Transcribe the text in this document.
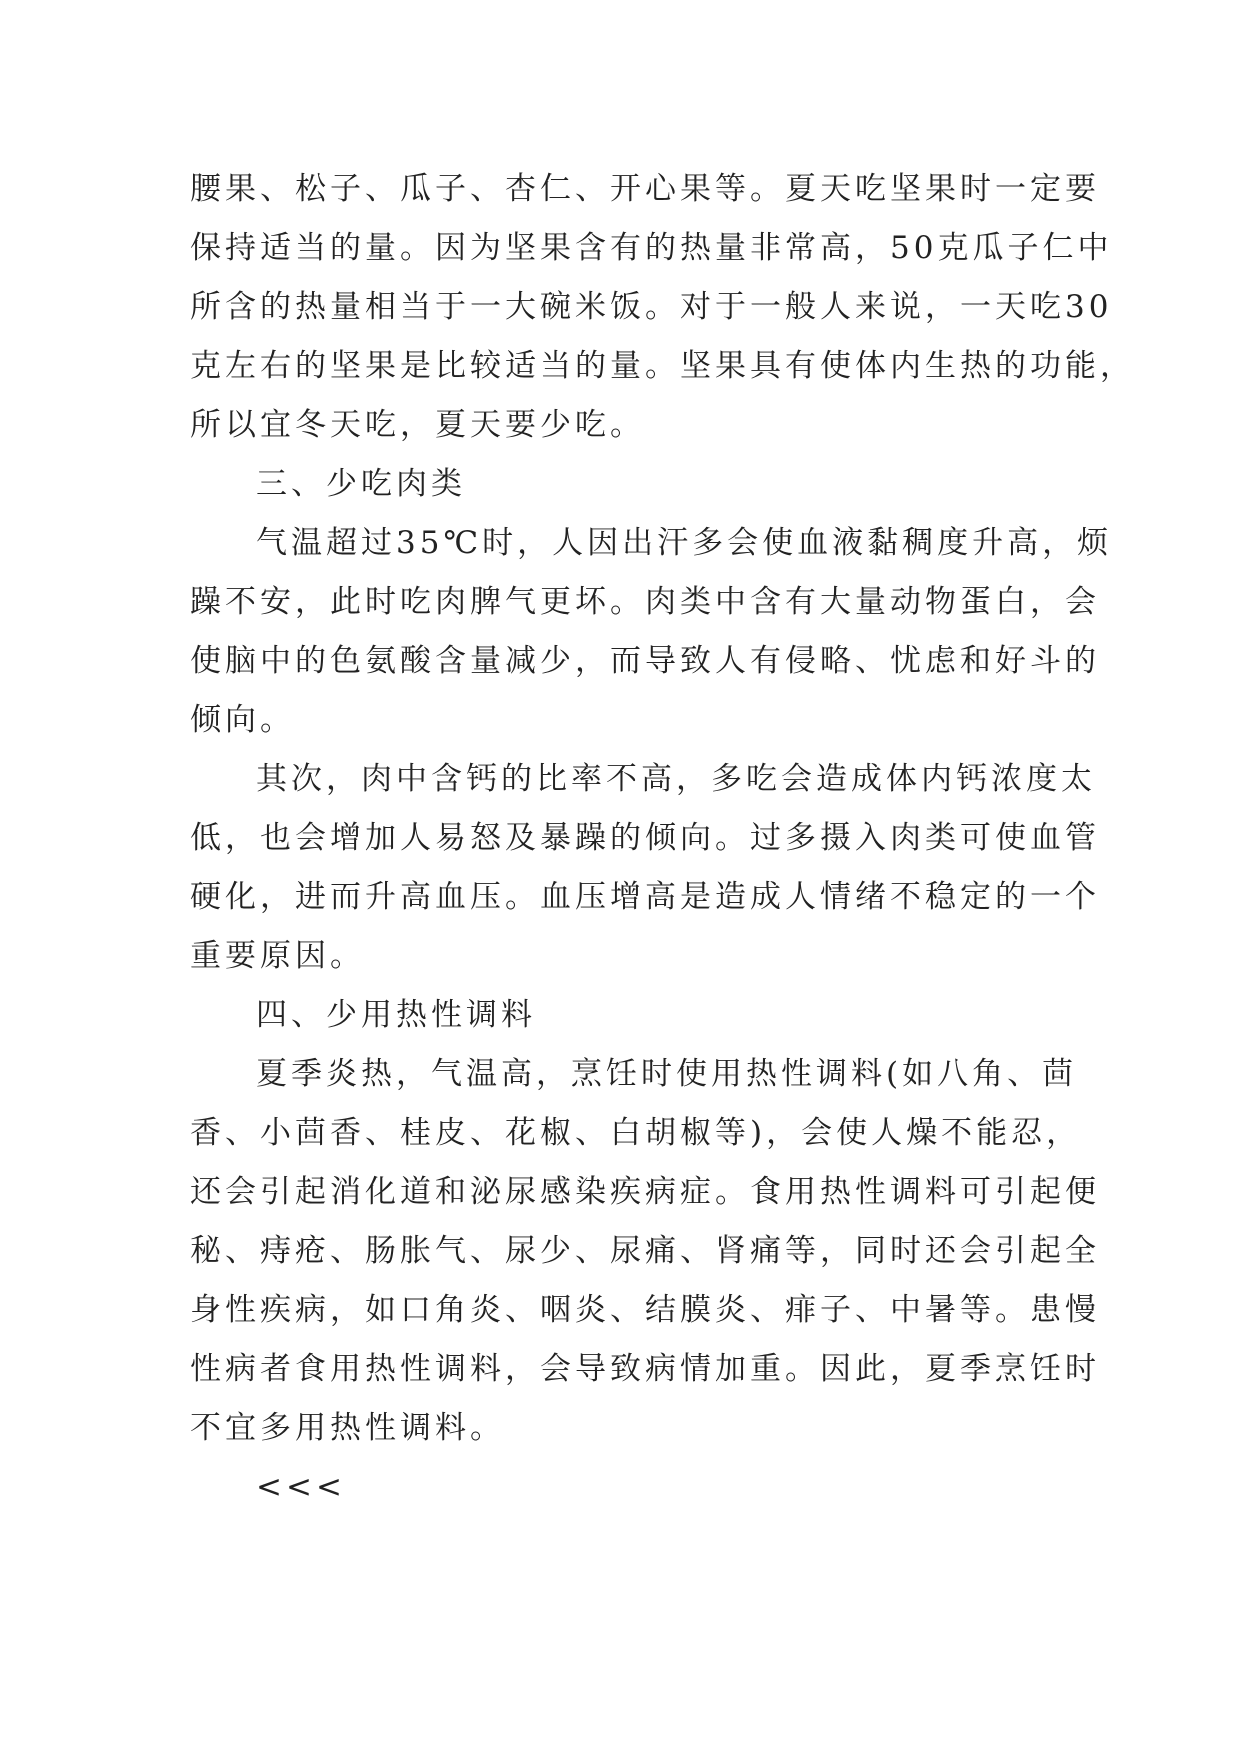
腰果、松子、瓜子、杏仁、开心果等。夏天吃坚果时一定要
保持适当的量。因为坚果含有的热量非常高，50克瓜子仁中
所含的热量相当于一大碗米饭。对于一般人来说，一天吃30
克左右的坚果是比较适当的量。坚果具有使体内生热的功能，
所以宜冬天吃，夏天要少吃。
三、少吃肉类
气温超过35℃时，人因出汗多会使血液黏稠度升高，烦
躁不安，此时吃肉脾气更坏。肉类中含有大量动物蛋白，会
使脑中的色氨酸含量减少，而导致人有侵略、忧虑和好斗的
倾向。
其次，肉中含钙的比率不高，多吃会造成体内钙浓度太
低，也会增加人易怒及暴躁的倾向。过多摄入肉类可使血管
硬化，进而升高血压。血压增高是造成人情绪不稳定的一个
重要原因。
四、少用热性调料
夏季炎热，气温高，烹饪时使用热性调料(如八角、茴
香、小茴香、桂皮、花椒、白胡椒等)，会使人燥不能忍，
还会引起消化道和泌尿感染疾病症。食用热性调料可引起便
秘、痔疮、肠胀气、尿少、尿痛、肾痛等，同时还会引起全
身性疾病，如口角炎、咽炎、结膜炎、痱子、中暑等。患慢
性病者食用热性调料，会导致病情加重。因此，夏季烹饪时
不宜多用热性调料。
<<<
